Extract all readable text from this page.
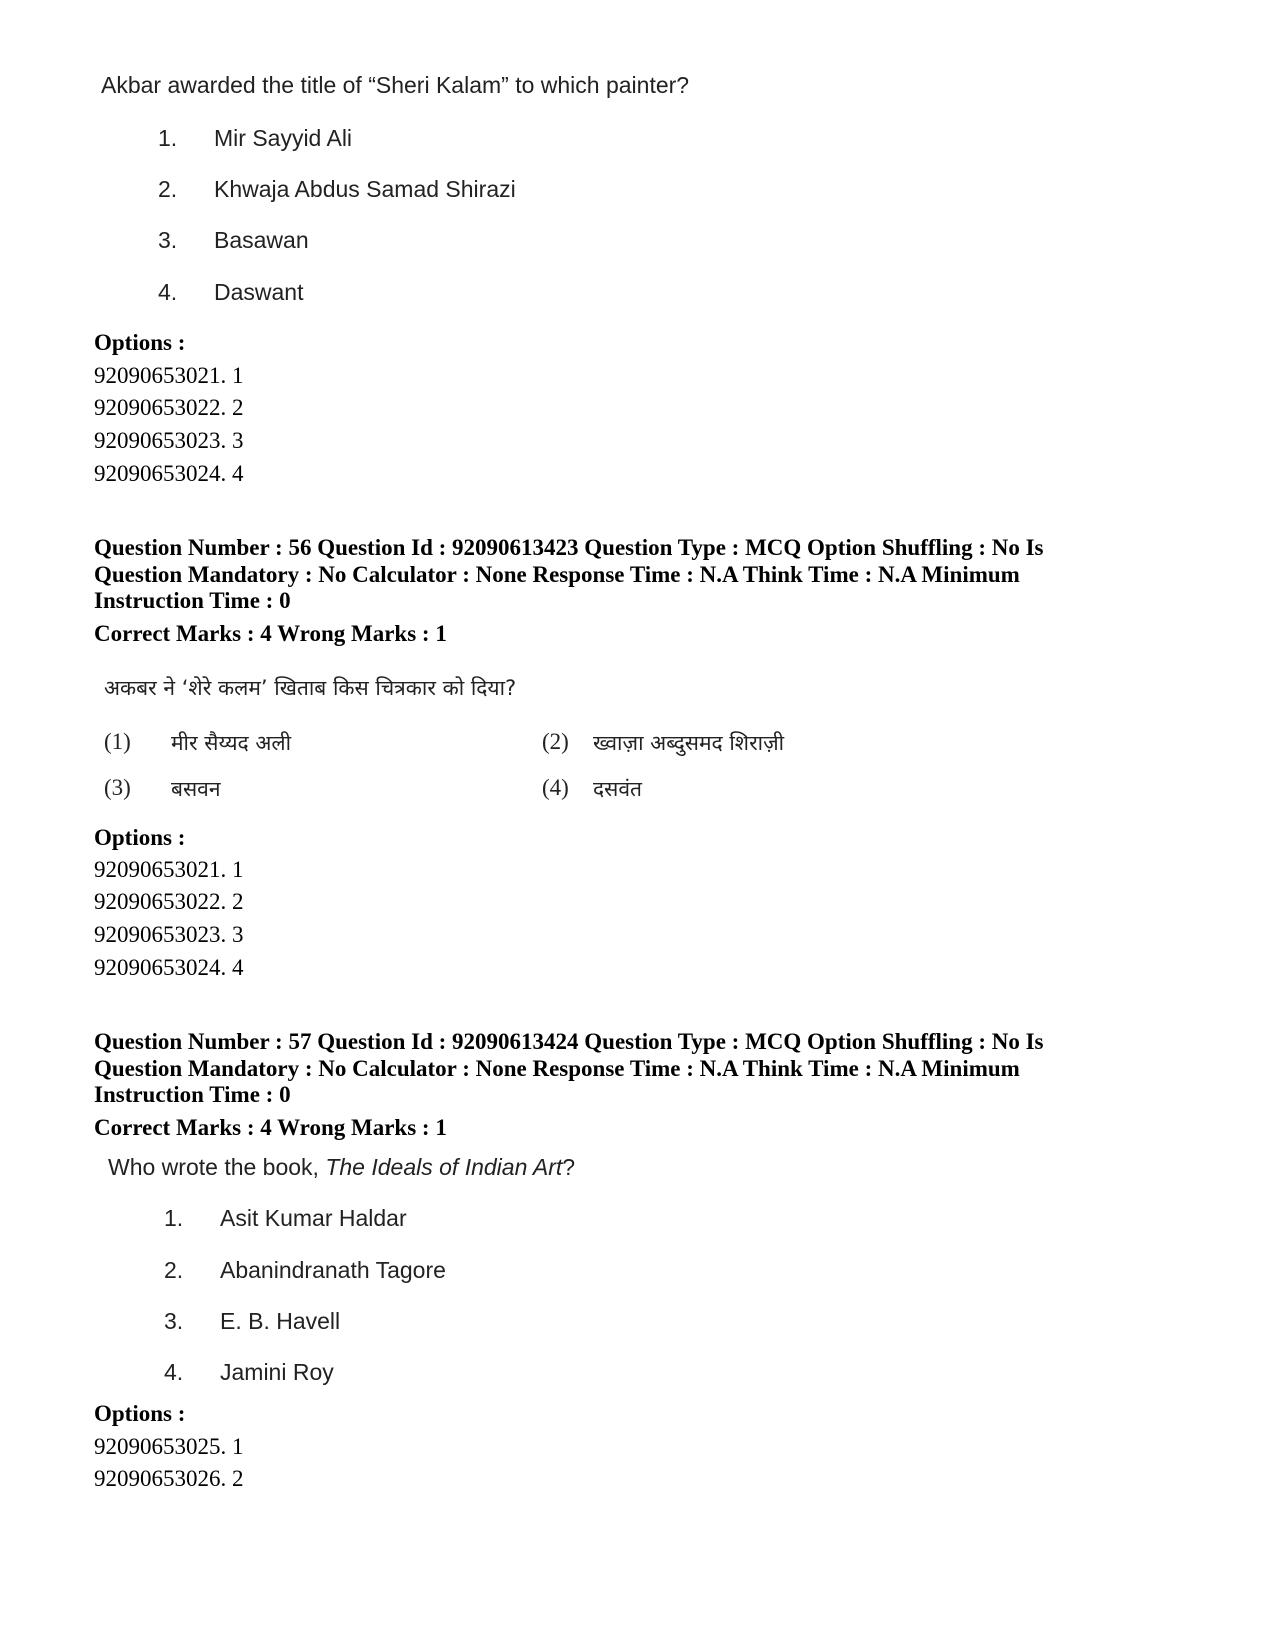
Akbar awarded the title of “Sheri Kalam” to which painter?
1. Mir Sayyid Ali
2. Khwaja Abdus Samad Shirazi
3. Basawan
4. Daswant
Options :
92090653021. 1
92090653022. 2
92090653023. 3
92090653024. 4
Question Number : 56 Question Id : 92090613423 Question Type : MCQ Option Shuffling : No Is
Question Mandatory : No Calculator : None Response Time : N.A Think Time : N.A Minimum
Instruction Time : 0
Correct Marks : 4 Wrong Marks : 1
अकबर ने ‘शेरे कलम’ खिताब किस चित्रकार को दिया?
(1) मीर सैय्यद अली	(2) ख्वाज़ा अब्दुसमद शिराज़ी
(3) बसवन	(4) दसवंत
Options :
92090653021. 1
92090653022. 2
92090653023. 3
92090653024. 4
Question Number : 57 Question Id : 92090613424 Question Type : MCQ Option Shuffling : No Is
Question Mandatory : No Calculator : None Response Time : N.A Think Time : N.A Minimum
Instruction Time : 0
Correct Marks : 4 Wrong Marks : 1
Who wrote the book, The Ideals of Indian Art?
1. Asit Kumar Haldar
2. Abanindranath Tagore
3. E. B. Havell
4. Jamini Roy
Options :
92090653025. 1
92090653026. 2
